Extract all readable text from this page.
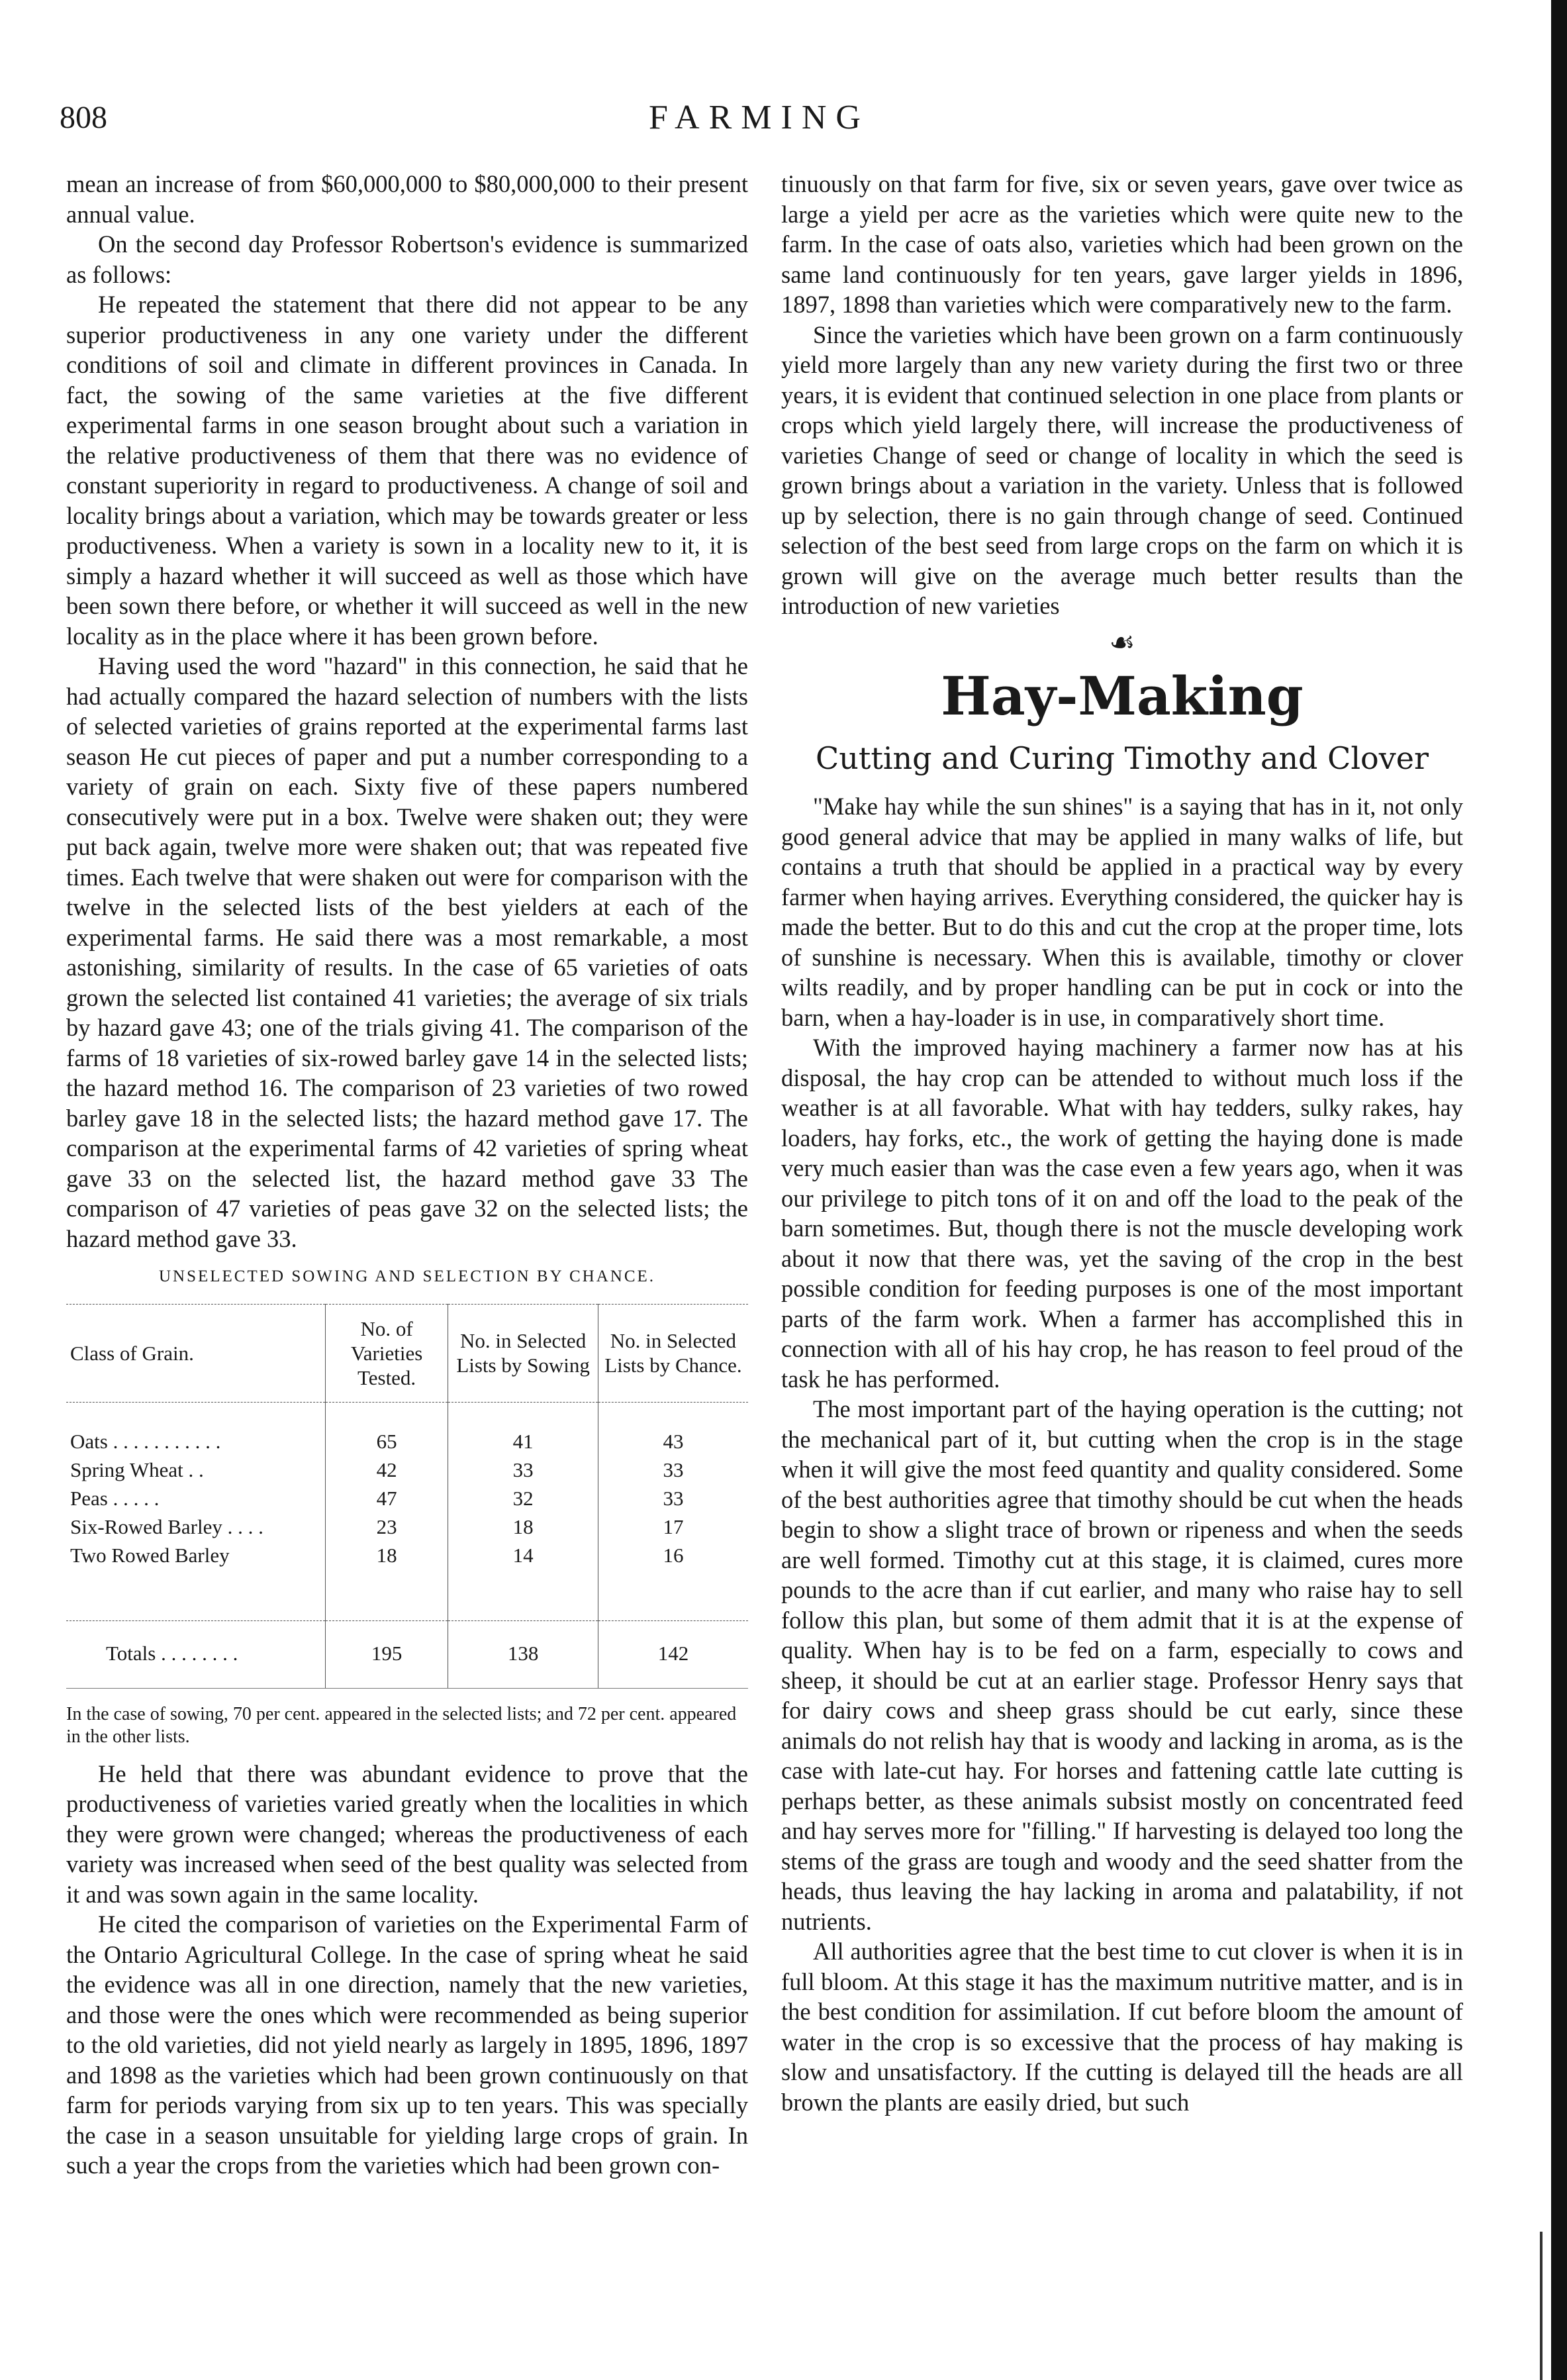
808	FARMING

mean an increase of from $60,000,000 to $80,000,000 to their present annual value.

On the second day Professor Robertson's evidence is summarized as follows:

He repeated the statement that there did not appear to be any superior productiveness in any one variety under the different conditions of soil and climate in different provinces in Canada. In fact, the sowing of the same varieties at the five different experimental farms in one season brought about such a variation in the relative productiveness of them that there was no evidence of constant superiority in regard to productiveness. A change of soil and locality brings about a variation, which may be towards greater or less productiveness. When a variety is sown in a locality new to it, it is simply a hazard whether it will succeed as well as those which have been sown there before, or whether it will succeed as well in the new locality as in the place where it has been grown before.

Having used the word "hazard" in this connection, he said that he had actually compared the hazard selection of numbers with the lists of selected varieties of grains reported at the experimental farms last season He cut pieces of paper and put a number corresponding to a variety of grain on each. Sixty five of these papers numbered consecutively were put in a box. Twelve were shaken out; they were put back again, twelve more were shaken out; that was repeated five times. Each twelve that were shaken out were for comparison with the twelve in the selected lists of the best yielders at each of the experimental farms. He said there was a most remarkable, a most astonishing, similarity of results. In the case of 65 varieties of oats grown the selected list contained 41 varieties; the average of six trials by hazard gave 43; one of the trials giving 41. The comparison of the farms of 18 varieties of six-rowed barley gave 14 in the selected lists; the hazard method 16. The comparison of 23 varieties of two rowed barley gave 18 in the selected lists; the hazard method gave 17. The comparison at the experimental farms of 42 varieties of spring wheat gave 33 on the selected list, the hazard method gave 33 The comparison of 47 varieties of peas gave 32 on the selected lists; the hazard method gave 33.

UNSELECTED SOWING AND SELECTION BY CHANCE.
Class of Grain.	No. of Varieties Tested.	No. in Selected Lists by Sowing	No. in Selected Lists by Chance.
Oats . . . . . . . . . . .	65	41	43
Spring Wheat . .	42	33	33
Peas . . . . .	47	32	33
Six-Rowed Barley . . . .	23	18	17
Two Rowed Barley	18	14	16
Totals . . . . . . . .	195	138	142
In the case of sowing, 70 per cent. appeared in the selected lists; and 72 per cent. appeared in the other lists.

He held that there was abundant evidence to prove that the productiveness of varieties varied greatly when the localities in which they were grown were changed; whereas the productiveness of each variety was increased when seed of the best quality was selected from it and was sown again in the same locality.

He cited the comparison of varieties on the Experimental Farm of the Ontario Agricultural College. In the case of spring wheat he said the evidence was all in one direction, namely that the new varieties, and those were the ones which were recommended as being superior to the old varieties, did not yield nearly as largely in 1895, 1896, 1897 and 1898 as the varieties which had been grown continuously on that farm for periods varying from six up to ten years. This was specially the case in a season unsuitable for yielding large crops of grain. In such a year the crops from the varieties which had been grown con-

tinuously on that farm for five, six or seven years, gave over twice as large a yield per acre as the varieties which were quite new to the farm. In the case of oats also, varieties which had been grown on the same land continuously for ten years, gave larger yields in 1896, 1897, 1898 than varieties which were comparatively new to the farm.

Since the varieties which have been grown on a farm continuously yield more largely than any new variety during the first two or three years, it is evident that continued selection in one place from plants or crops which yield largely there, will increase the productiveness of varieties Change of seed or change of locality in which the seed is grown brings about a variation in the variety. Unless that is followed up by selection, there is no gain through change of seed. Continued selection of the best seed from large crops on the farm on which it is grown will give on the average much better results than the introduction of new varieties

☙
Hay-Making
Cutting and Curing Timothy and Clover

"Make hay while the sun shines" is a saying that has in it, not only good general advice that may be applied in many walks of life, but contains a truth that should be applied in a practical way by every farmer when haying arrives. Everything considered, the quicker hay is made the better. But to do this and cut the crop at the proper time, lots of sunshine is necessary. When this is available, timothy or clover wilts readily, and by proper handling can be put in cock or into the barn, when a hay-loader is in use, in comparatively short time.

With the improved haying machinery a farmer now has at his disposal, the hay crop can be attended to without much loss if the weather is at all favorable. What with hay tedders, sulky rakes, hay loaders, hay forks, etc., the work of getting the haying done is made very much easier than was the case even a few years ago, when it was our privilege to pitch tons of it on and off the load to the peak of the barn sometimes. But, though there is not the muscle developing work about it now that there was, yet the saving of the crop in the best possible condition for feeding purposes is one of the most important parts of the farm work. When a farmer has accomplished this in connection with all of his hay crop, he has reason to feel proud of the task he has performed.

The most important part of the haying operation is the cutting; not the mechanical part of it, but cutting when the crop is in the stage when it will give the most feed quantity and quality considered. Some of the best authorities agree that timothy should be cut when the heads begin to show a slight trace of brown or ripeness and when the seeds are well formed. Timothy cut at this stage, it is claimed, cures more pounds to the acre than if cut earlier, and many who raise hay to sell follow this plan, but some of them admit that it is at the expense of quality. When hay is to be fed on a farm, especially to cows and sheep, it should be cut at an earlier stage. Professor Henry says that for dairy cows and sheep grass should be cut early, since these animals do not relish hay that is woody and lacking in aroma, as is the case with late-cut hay. For horses and fattening cattle late cutting is perhaps better, as these animals subsist mostly on concentrated feed and hay serves more for "filling." If harvesting is delayed too long the stems of the grass are tough and woody and the seed shatter from the heads, thus leaving the hay lacking in aroma and palatability, if not nutrients.

All authorities agree that the best time to cut clover is when it is in full bloom. At this stage it has the maximum nutritive matter, and is in the best condition for assimilation. If cut before bloom the amount of water in the crop is so excessive that the process of hay making is slow and unsatisfactory. If the cutting is delayed till the heads are all brown the plants are easily dried, but such
